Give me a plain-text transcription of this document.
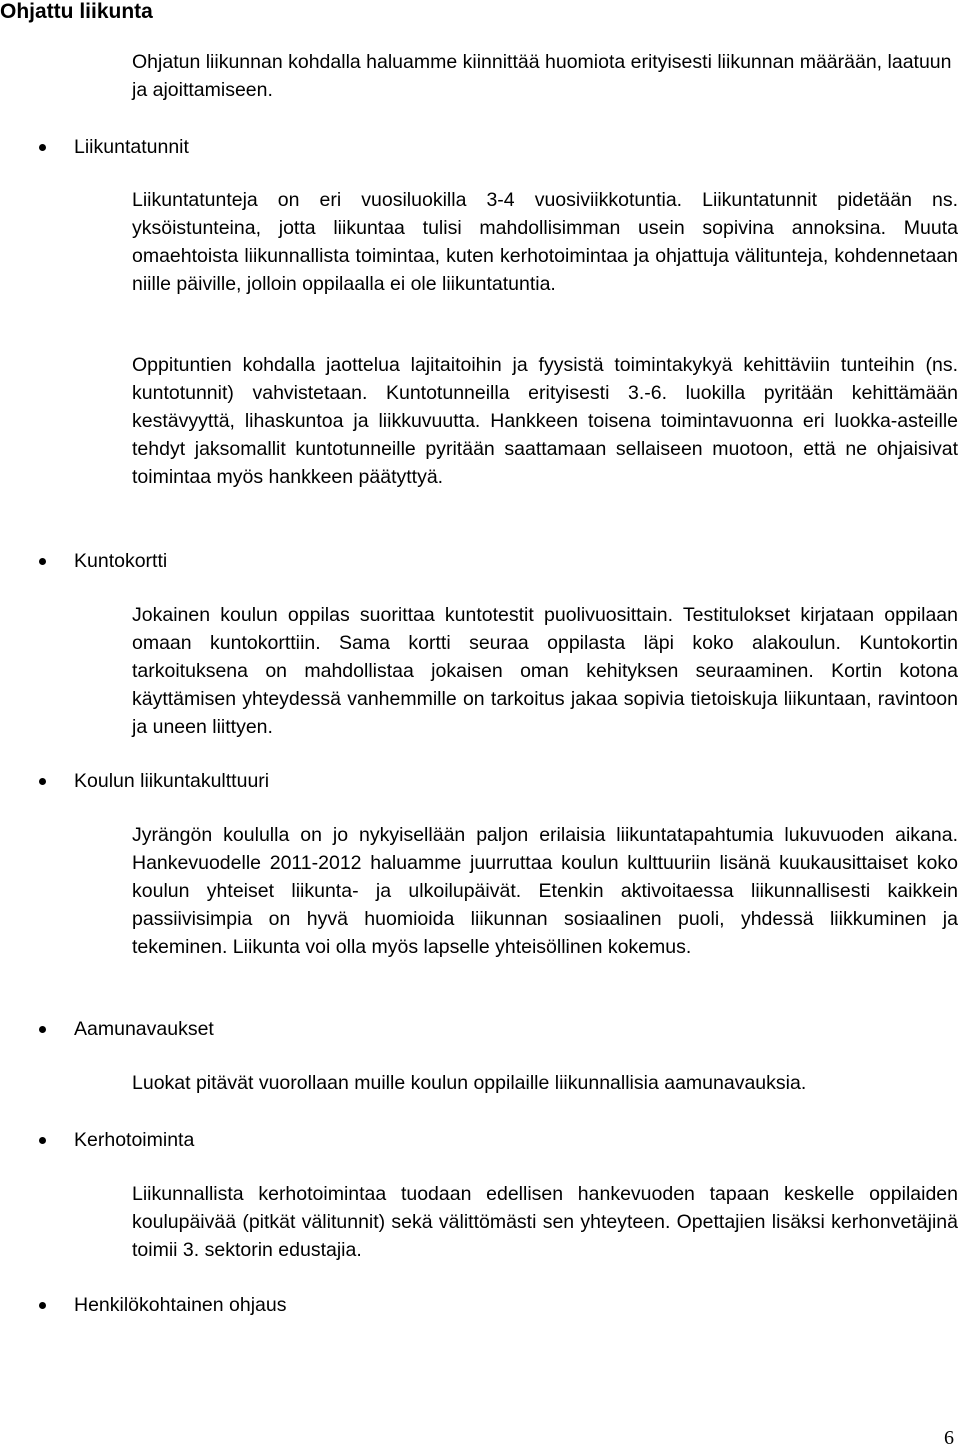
Ohjattu liikunta

Ohjatun liikunnan kohdalla haluamme kiinnittää huomiota erityisesti liikunnan määrään, laatuun ja ajoittamiseen.

Liikuntatunnit

Liikuntatunteja on eri vuosiluokilla 3-4 vuosiviikkotuntia. Liikuntatunnit pidetään ns. yksöistunteina, jotta liikuntaa tulisi mahdollisimman usein sopivina annoksina. Muuta omaehtoista liikunnallista toimintaa, kuten kerhotoimintaa ja ohjattuja välitunteja, kohdennetaan niille päiville, jolloin oppilaalla ei ole liikuntatuntia.

Oppituntien kohdalla jaottelua lajitaitoihin ja fyysistä toimintakykyä kehittäviin tunteihin (ns. kuntotunnit) vahvistetaan. Kuntotunneilla erityisesti 3.-6. luokilla pyritään kehittämään kestävyyttä, lihaskuntoa ja liikkuvuutta. Hankkeen toisena toimintavuonna eri luokka-asteille tehdyt jaksomallit kuntotunneille pyritään saattamaan sellaiseen muotoon, että ne ohjaisivat toimintaa myös hankkeen päätyttyä.

Kuntokortti

Jokainen koulun oppilas suorittaa kuntotestit puolivuosittain. Testitulokset kirjataan oppilaan omaan kuntokorttiin. Sama kortti seuraa oppilasta läpi koko alakoulun. Kuntokortin tarkoituksena on mahdollistaa jokaisen oman kehityksen seuraaminen. Kortin kotona käyttämisen yhteydessä vanhemmille on tarkoitus jakaa sopivia tietoiskuja liikuntaan, ravintoon ja uneen liittyen.

Koulun liikuntakulttuuri

Jyrängön koululla on jo nykyisellään paljon erilaisia liikuntatapahtumia lukuvuoden aikana. Hankevuodelle 2011-2012 haluamme juurruttaa koulun kulttuuriin lisänä kuukausittaiset koko koulun yhteiset liikunta- ja ulkoilupäivät. Etenkin aktivoitaessa liikunnallisesti kaikkein passiivisimpia on hyvä huomioida liikunnan sosiaalinen puoli, yhdessä liikkuminen ja tekeminen. Liikunta voi olla myös lapselle yhteisöllinen kokemus.

Aamunavaukset

Luokat pitävät vuorollaan muille koulun oppilaille liikunnallisia aamunavauksia.

Kerhotoiminta

Liikunnallista kerhotoimintaa tuodaan edellisen hankevuoden tapaan keskelle oppilaiden koulupäivää (pitkät välitunnit) sekä välittömästi sen yhteyteen. Opettajien lisäksi kerhonvetäjinä toimii 3. sektorin edustajia.

Henkilökohtainen ohjaus
6
